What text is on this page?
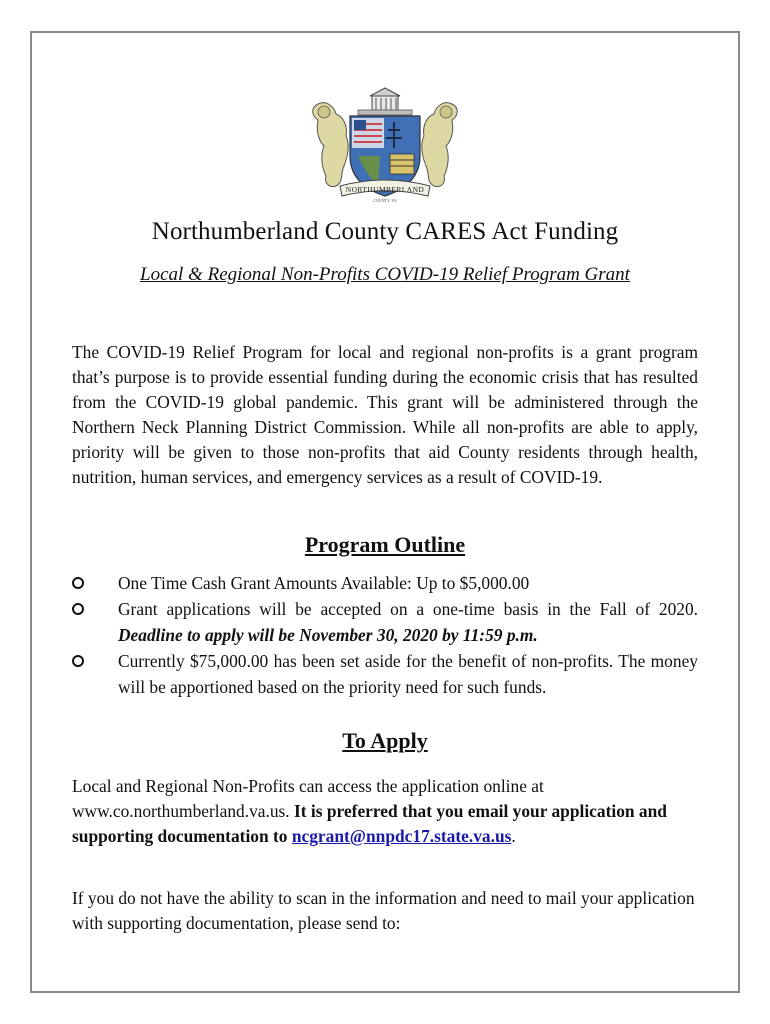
NORTHUMBERLAND
COUNTY, VA
Northumberland County CARES Act Funding
Local & Regional Non-Profits COVID-19 Relief Program Grant

The COVID-19 Relief Program for local and regional non-profits is a grant program that’s purpose is to provide essential funding during the economic crisis that has resulted from the COVID-19 global pandemic. This grant will be administered through the Northern Neck Planning District Commission. While all non-profits are able to apply, priority will be given to those non-profits that aid County residents through health, nutrition, human services, and emergency services as a result of COVID-19.

Program Outline
One Time Cash Grant Amounts Available: Up to $5,000.00
Grant applications will be accepted on a one-time basis in the Fall of 2020. Deadline to apply will be November 30, 2020 by 11:59 p.m.
Currently $75,000.00 has been set aside for the benefit of non-profits. The money will be apportioned based on the priority need for such funds.
To Apply

Local and Regional Non-Profits can access the application online at www.co.northumberland.va.us. It is preferred that you email your application and supporting documentation to ncgrant@nnpdc17.state.va.us.

If you do not have the ability to scan in the information and need to mail your application with supporting documentation, please send to:
